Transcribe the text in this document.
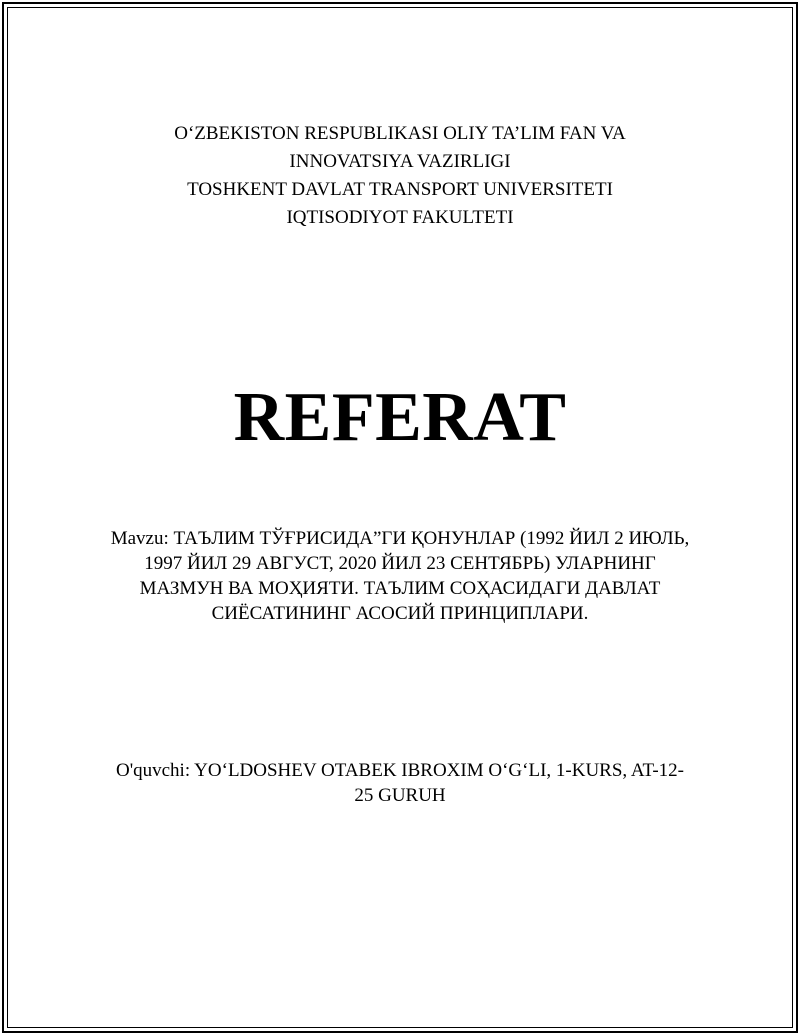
O‘ZBEKISTON RESPUBLIKASI OLIY TA’LIM FAN VA
INNOVATSIYA VAZIRLIGI
TOSHKENT DAVLAT TRANSPORT UNIVERSITETI
IQTISODIYOT FAKULTETI
REFERAT
Mavzu: ТАЪЛИМ ТЎҒРИСИДА”ГИ ҚОНУНЛАР (1992 ЙИЛ 2 ИЮЛЬ, 1997 ЙИЛ 29 АВГУСТ, 2020 ЙИЛ 23 СЕНТЯБРЬ) УЛАРНИНГ МАЗМУН ВА МОҲИЯТИ. ТАЪЛИМ СОҲАСИДАГИ ДАВЛАТ СИЁСАТИНИНГ АСОСИЙ ПРИНЦИПЛАРИ.
O'quvchi: YO‘LDOSHEV OTABEK IBROXIM O‘G‘LI, 1-KURS, AT-12-25 GURUH
